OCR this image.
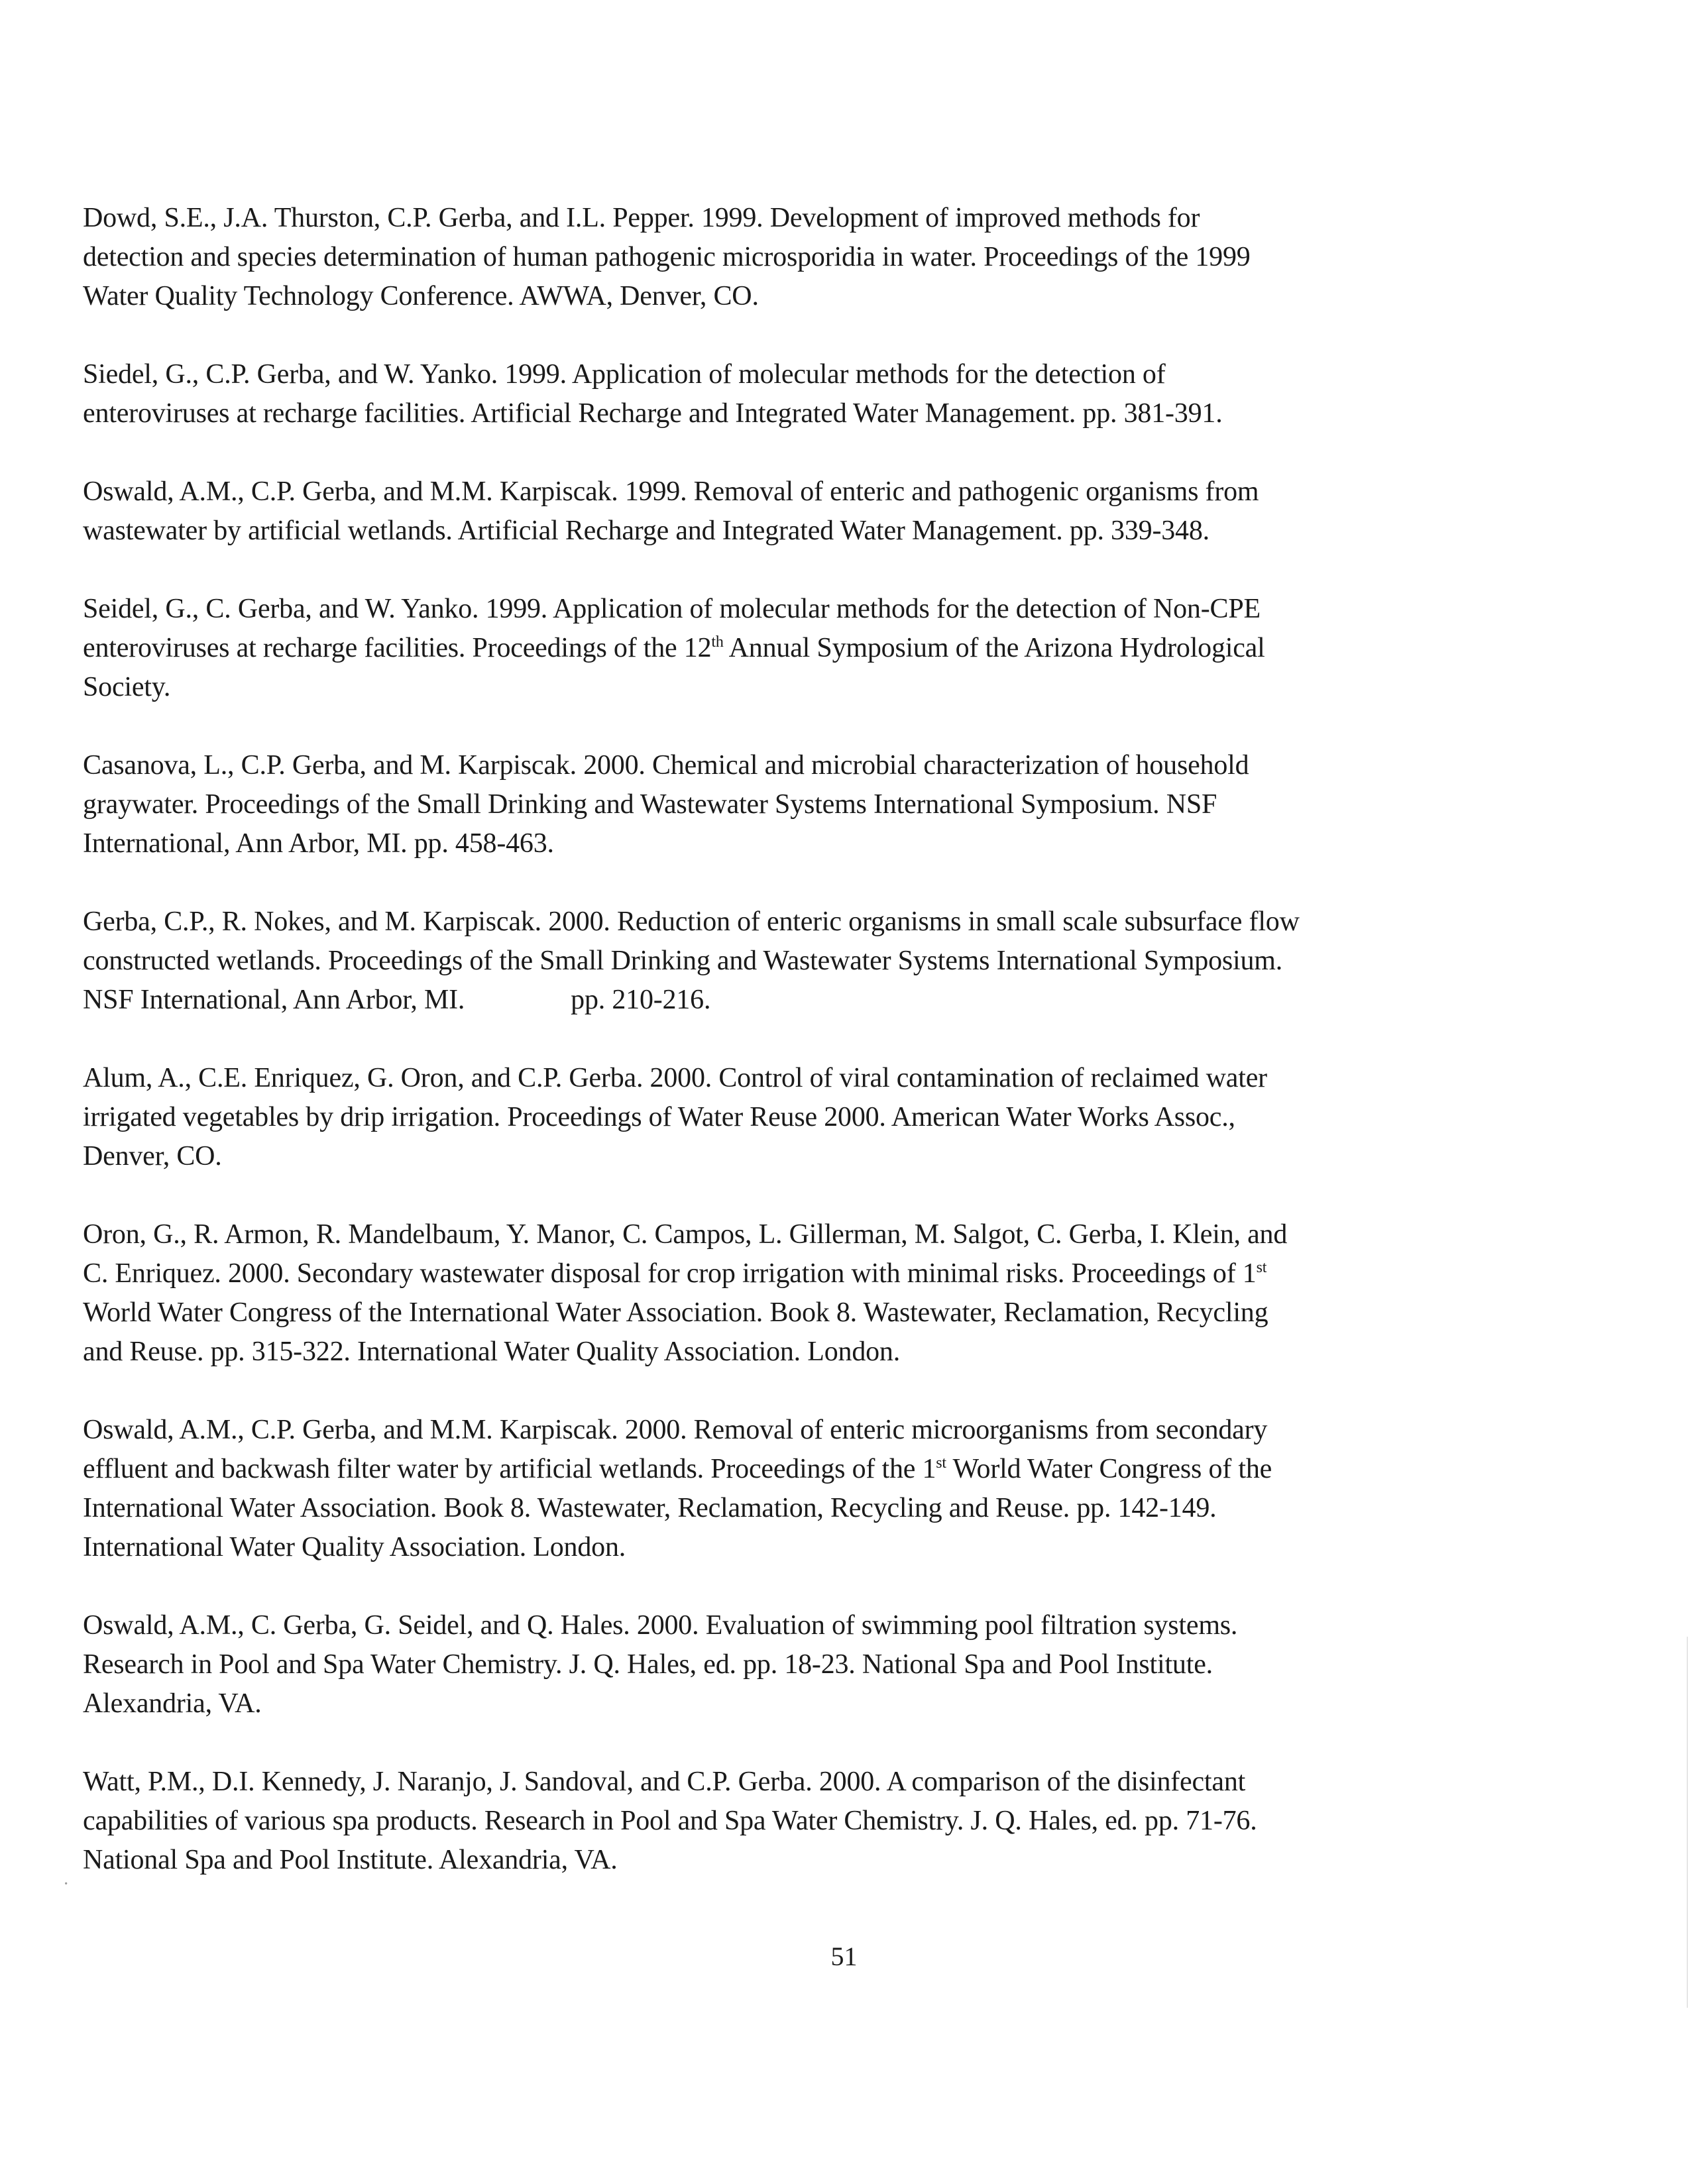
Dowd, S.E., J.A. Thurston, C.P. Gerba, and I.L. Pepper. 1999. Development of improved methods for
detection and species determination of human pathogenic microsporidia in water. Proceedings of the 1999
Water Quality Technology Conference. AWWA, Denver, CO.

Siedel, G., C.P. Gerba, and W. Yanko. 1999. Application of molecular methods for the detection of
enteroviruses at recharge facilities. Artificial Recharge and Integrated Water Management. pp. 381-391.

Oswald, A.M., C.P. Gerba, and M.M. Karpiscak. 1999. Removal of enteric and pathogenic organisms from
wastewater by artificial wetlands. Artificial Recharge and Integrated Water Management. pp. 339-348.

Seidel, G., C. Gerba, and W. Yanko. 1999. Application of molecular methods for the detection of Non-CPE
enteroviruses at recharge facilities. Proceedings of the 12th Annual Symposium of the Arizona Hydrological
Society.

Casanova, L., C.P. Gerba, and M. Karpiscak. 2000. Chemical and microbial characterization of household
graywater. Proceedings of the Small Drinking and Wastewater Systems International Symposium. NSF
International, Ann Arbor, MI. pp. 458-463.

Gerba, C.P., R. Nokes, and M. Karpiscak. 2000. Reduction of enteric organisms in small scale subsurface flow
constructed wetlands. Proceedings of the Small Drinking and Wastewater Systems International Symposium.
NSF International, Ann Arbor, MI.	pp. 210-216.

Alum, A., C.E. Enriquez, G. Oron, and C.P. Gerba. 2000. Control of viral contamination of reclaimed water
irrigated vegetables by drip irrigation. Proceedings of Water Reuse 2000. American Water Works Assoc.,
Denver, CO.

Oron, G., R. Armon, R. Mandelbaum, Y. Manor, C. Campos, L. Gillerman, M. Salgot, C. Gerba, I. Klein, and
C. Enriquez. 2000. Secondary wastewater disposal for crop irrigation with minimal risks. Proceedings of 1st
World Water Congress of the International Water Association. Book 8. Wastewater, Reclamation, Recycling
and Reuse. pp. 315-322. International Water Quality Association. London.

Oswald, A.M., C.P. Gerba, and M.M. Karpiscak. 2000. Removal of enteric microorganisms from secondary
effluent and backwash filter water by artificial wetlands. Proceedings of the 1st World Water Congress of the
International Water Association. Book 8. Wastewater, Reclamation, Recycling and Reuse. pp. 142-149.
International Water Quality Association. London.

Oswald, A.M., C. Gerba, G. Seidel, and Q. Hales. 2000. Evaluation of swimming pool filtration systems.
Research in Pool and Spa Water Chemistry. J. Q. Hales, ed. pp. 18-23. National Spa and Pool Institute.
Alexandria, VA.

Watt, P.M., D.I. Kennedy, J. Naranjo, J. Sandoval, and C.P. Gerba. 2000. A comparison of the disinfectant
capabilities of various spa products. Research in Pool and Spa Water Chemistry. J. Q. Hales, ed. pp. 71-76.
National Spa and Pool Institute. Alexandria, VA.

·
51
